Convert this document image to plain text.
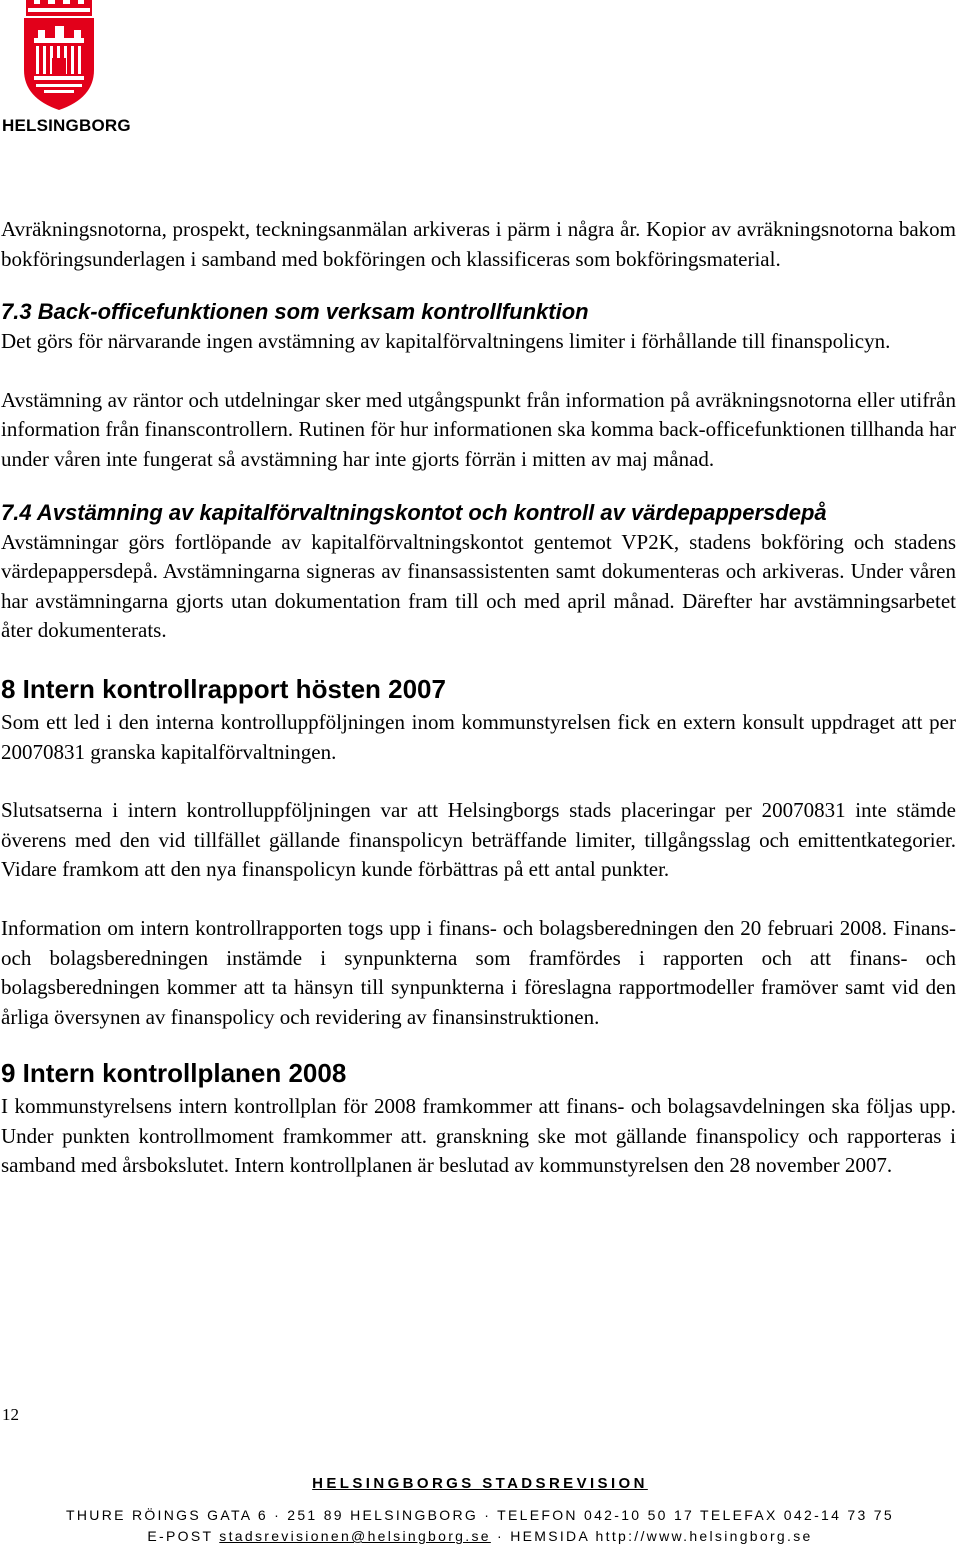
HELSINGBORG

Avräkningsnotorna, prospekt, teckningsanmälan arkiveras i pärm i några år. Kopior av avräkningsnotorna bakom bokföringsunderlagen i samband med bokföringen och klassificeras som bokföringsmaterial.

7.3 Back-officefunktionen som verksam kontrollfunktion

Det görs för närvarande ingen avstämning av kapitalförvaltningens limiter i förhållande till finanspolicyn.

Avstämning av räntor och utdelningar sker med utgångspunkt från information på avräkningsnotorna eller utifrån information från finanscontrollern. Rutinen för hur informationen ska komma back-officefunktionen tillhanda har under våren inte fungerat så avstämning har inte gjorts förrän i mitten av maj månad.

7.4 Avstämning av kapitalförvaltningskontot och kontroll av värdepappersdepå

Avstämningar görs fortlöpande av kapitalförvaltningskontot gentemot VP2K, stadens bokföring och stadens värdepappersdepå. Avstämningarna signeras av finansassistenten samt dokumenteras och arkiveras. Under våren har avstämningarna gjorts utan dokumentation fram till och med april månad. Därefter har avstämningsarbetet åter dokumenterats.

8 Intern kontrollrapport hösten 2007

Som ett led i den interna kontrolluppföljningen inom kommunstyrelsen fick en extern konsult uppdraget att per 20070831 granska kapitalförvaltningen.

Slutsatserna i intern kontrolluppföljningen var att Helsingborgs stads placeringar per 20070831 inte stämde överens med den vid tillfället gällande finanspolicyn beträffande limiter, tillgångsslag och emittentkategorier. Vidare framkom att den nya finanspolicyn kunde förbättras på ett antal punkter.

Information om intern kontrollrapporten togs upp i finans- och bolagsberedningen den 20 februari 2008. Finans- och bolagsberedningen instämde i synpunkterna som framfördes i rapporten och att finans- och bolagsberedningen kommer att ta hänsyn till synpunkterna i föreslagna rapportmodeller framöver samt vid den årliga översynen av finanspolicy och revidering av finansinstruktionen.

9 Intern kontrollplanen 2008

I kommunstyrelsens intern kontrollplan för 2008 framkommer att finans- och bolagsavdelningen ska följas upp. Under punkten kontrollmoment framkommer att. granskning ske mot gällande finanspolicy och rapporteras i samband med årsbokslutet. Intern kontrollplanen är beslutad av kommunstyrelsen den 28 november 2007.

12
HELSINGBORGS STADSREVISION
THURE RÖINGS GATA 6 · 251 89 HELSINGBORG · TELEFON 042-10 50 17 TELEFAX 042-14 73 75
E-POST stadsrevisionen@helsingborg.se · HEMSIDA http://www.helsingborg.se
